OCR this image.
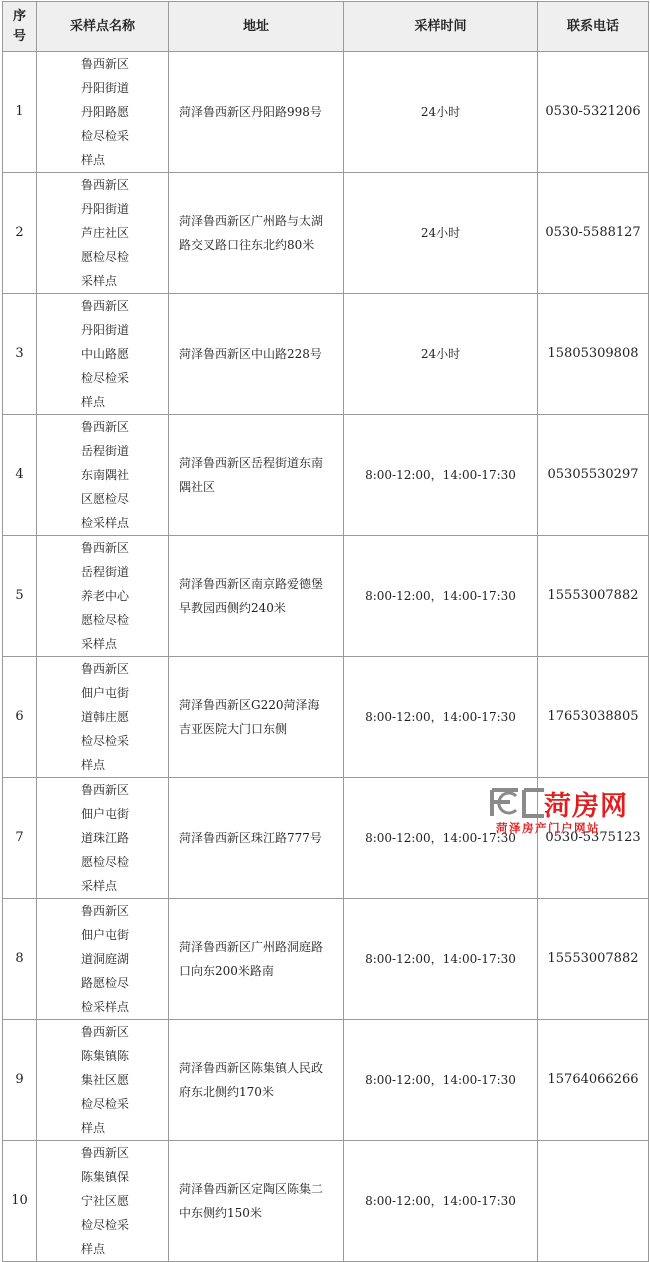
序号	采样点名称	地址	采样时间	联系电话
1	鲁西新区丹阳街道丹阳路愿检尽检采样点	菏泽鲁西新区丹阳路998号	24小时	0530-5321206
2	鲁西新区丹阳街道芦庄社区愿检尽检采样点	菏泽鲁西新区广州路与太湖路交叉路口往东北约80米	24小时	0530-5588127
3	鲁西新区丹阳街道中山路愿检尽检采样点	菏泽鲁西新区中山路228号	24小时	15805309808
4	鲁西新区岳程街道东南隅社区愿检尽检采样点	菏泽鲁西新区岳程街道东南隅社区	8:00-12:00，14:00-17:30	05305530297
5	鲁西新区岳程街道养老中心愿检尽检采样点	菏泽鲁西新区南京路爱德堡早教园西侧约240米	8:00-12:00，14:00-17:30	15553007882
6	鲁西新区佃户屯街道韩庄愿检尽检采样点	菏泽鲁西新区G220菏泽海吉亚医院大门口东侧	8:00-12:00，14:00-17:30	17653038805
7	鲁西新区佃户屯街道珠江路愿检尽检采样点	菏泽鲁西新区珠江路777号	8:00-12:00，14:00-17:30	0530-5375123
8	鲁西新区佃户屯街道洞庭湖路愿检尽检采样点	菏泽鲁西新区广州路洞庭路口向东200米路南	8:00-12:00，14:00-17:30	15553007882
9	鲁西新区陈集镇陈集社区愿检尽检采样点	菏泽鲁西新区陈集镇人民政府东北侧约170米	8:00-12:00，14:00-17:30	15764066266
10	鲁西新区陈集镇保宁社区愿检尽检采样点	菏泽鲁西新区定陶区陈集二中东侧约150米	8:00-12:00，14:00-17:30	
菏房网
菏泽房产门户网站
